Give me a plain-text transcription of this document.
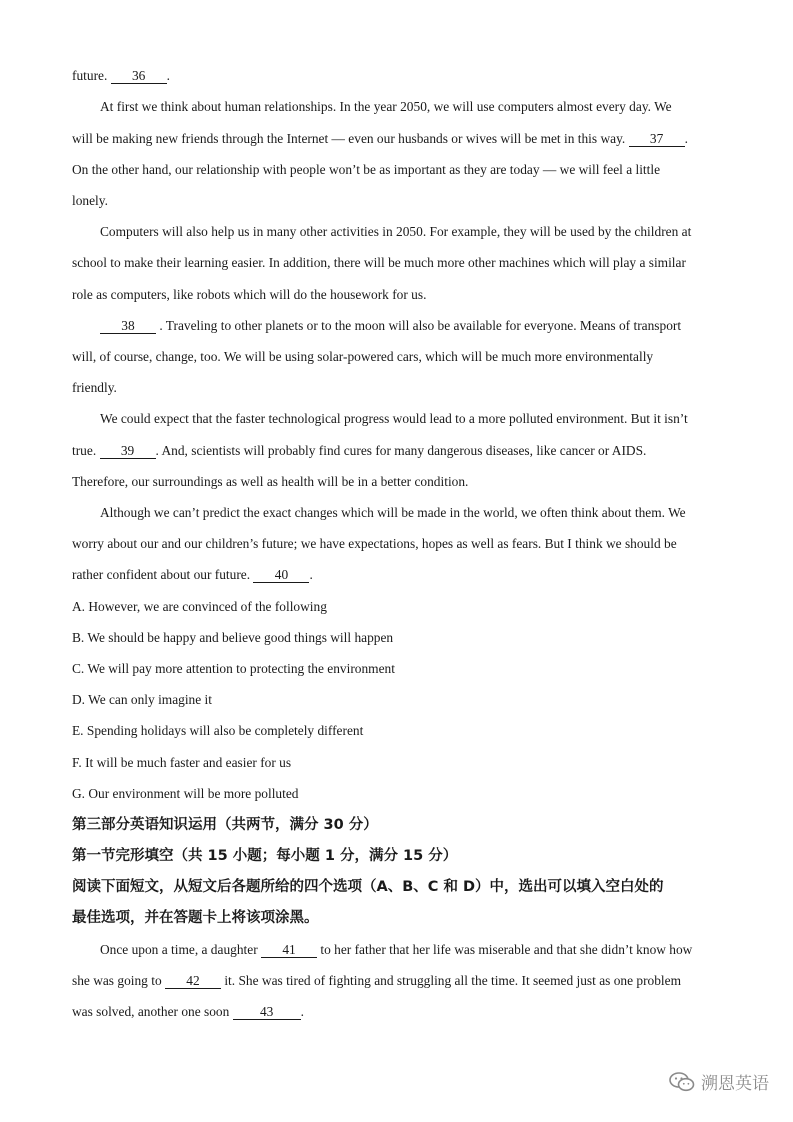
future. 36 .
At first we think about human relationships. In the year 2050, we will use computers almost every day. We
will be making new friends through the Internet — even our husbands or wives will be met in this way. 37 .
On the other hand, our relationship with people won’t be as important as they are today — we will feel a little
lonely.
Computers will also help us in many other activities in 2050. For example, they will be used by the children at
school to make their learning easier. In addition, there will be much more other machines which will play a similar
role as computers, like robots which will do the housework for us.
38 . Traveling to other planets or to the moon will also be available for everyone. Means of transport
will, of course, change, too. We will be using solar-powered cars, which will be much more environmentally
friendly.
We could expect that the faster technological progress would lead to a more polluted environment. But it isn’t
true. 39 . And, scientists will probably find cures for many dangerous diseases, like cancer or AIDS.
Therefore, our surroundings as well as health will be in a better condition.
Although we can’t predict the exact changes which will be made in the world, we often think about them. We
worry about our and our children’s future; we have expectations, hopes as well as fears. But I think we should be
rather confident about our future. 40 .
A. However, we are convinced of the following
B. We should be happy and believe good things will happen
C. We will pay more attention to protecting the environment
D. We can only imagine it
E. Spending holidays will also be completely different
F. It will be much faster and easier for us
G. Our environment will be more polluted
第三部分英语知识运用（共两节，满分 30 分）
第一节完形填空（共 15 小题；每小题 1 分，满分 15 分）
阅读下面短文，从短文后各题所给的四个选项（A、B、C 和 D）中，选出可以填入空白处的
最佳选项，并在答题卡上将该项涂黑。
Once upon a time, a daughter 41 to her father that her life was miserable and that she didn’t know how
she was going to 42 it. She was tired of fighting and struggling all the time. It seemed just as one problem
was solved, another one soon 43 .
溯恩英语
